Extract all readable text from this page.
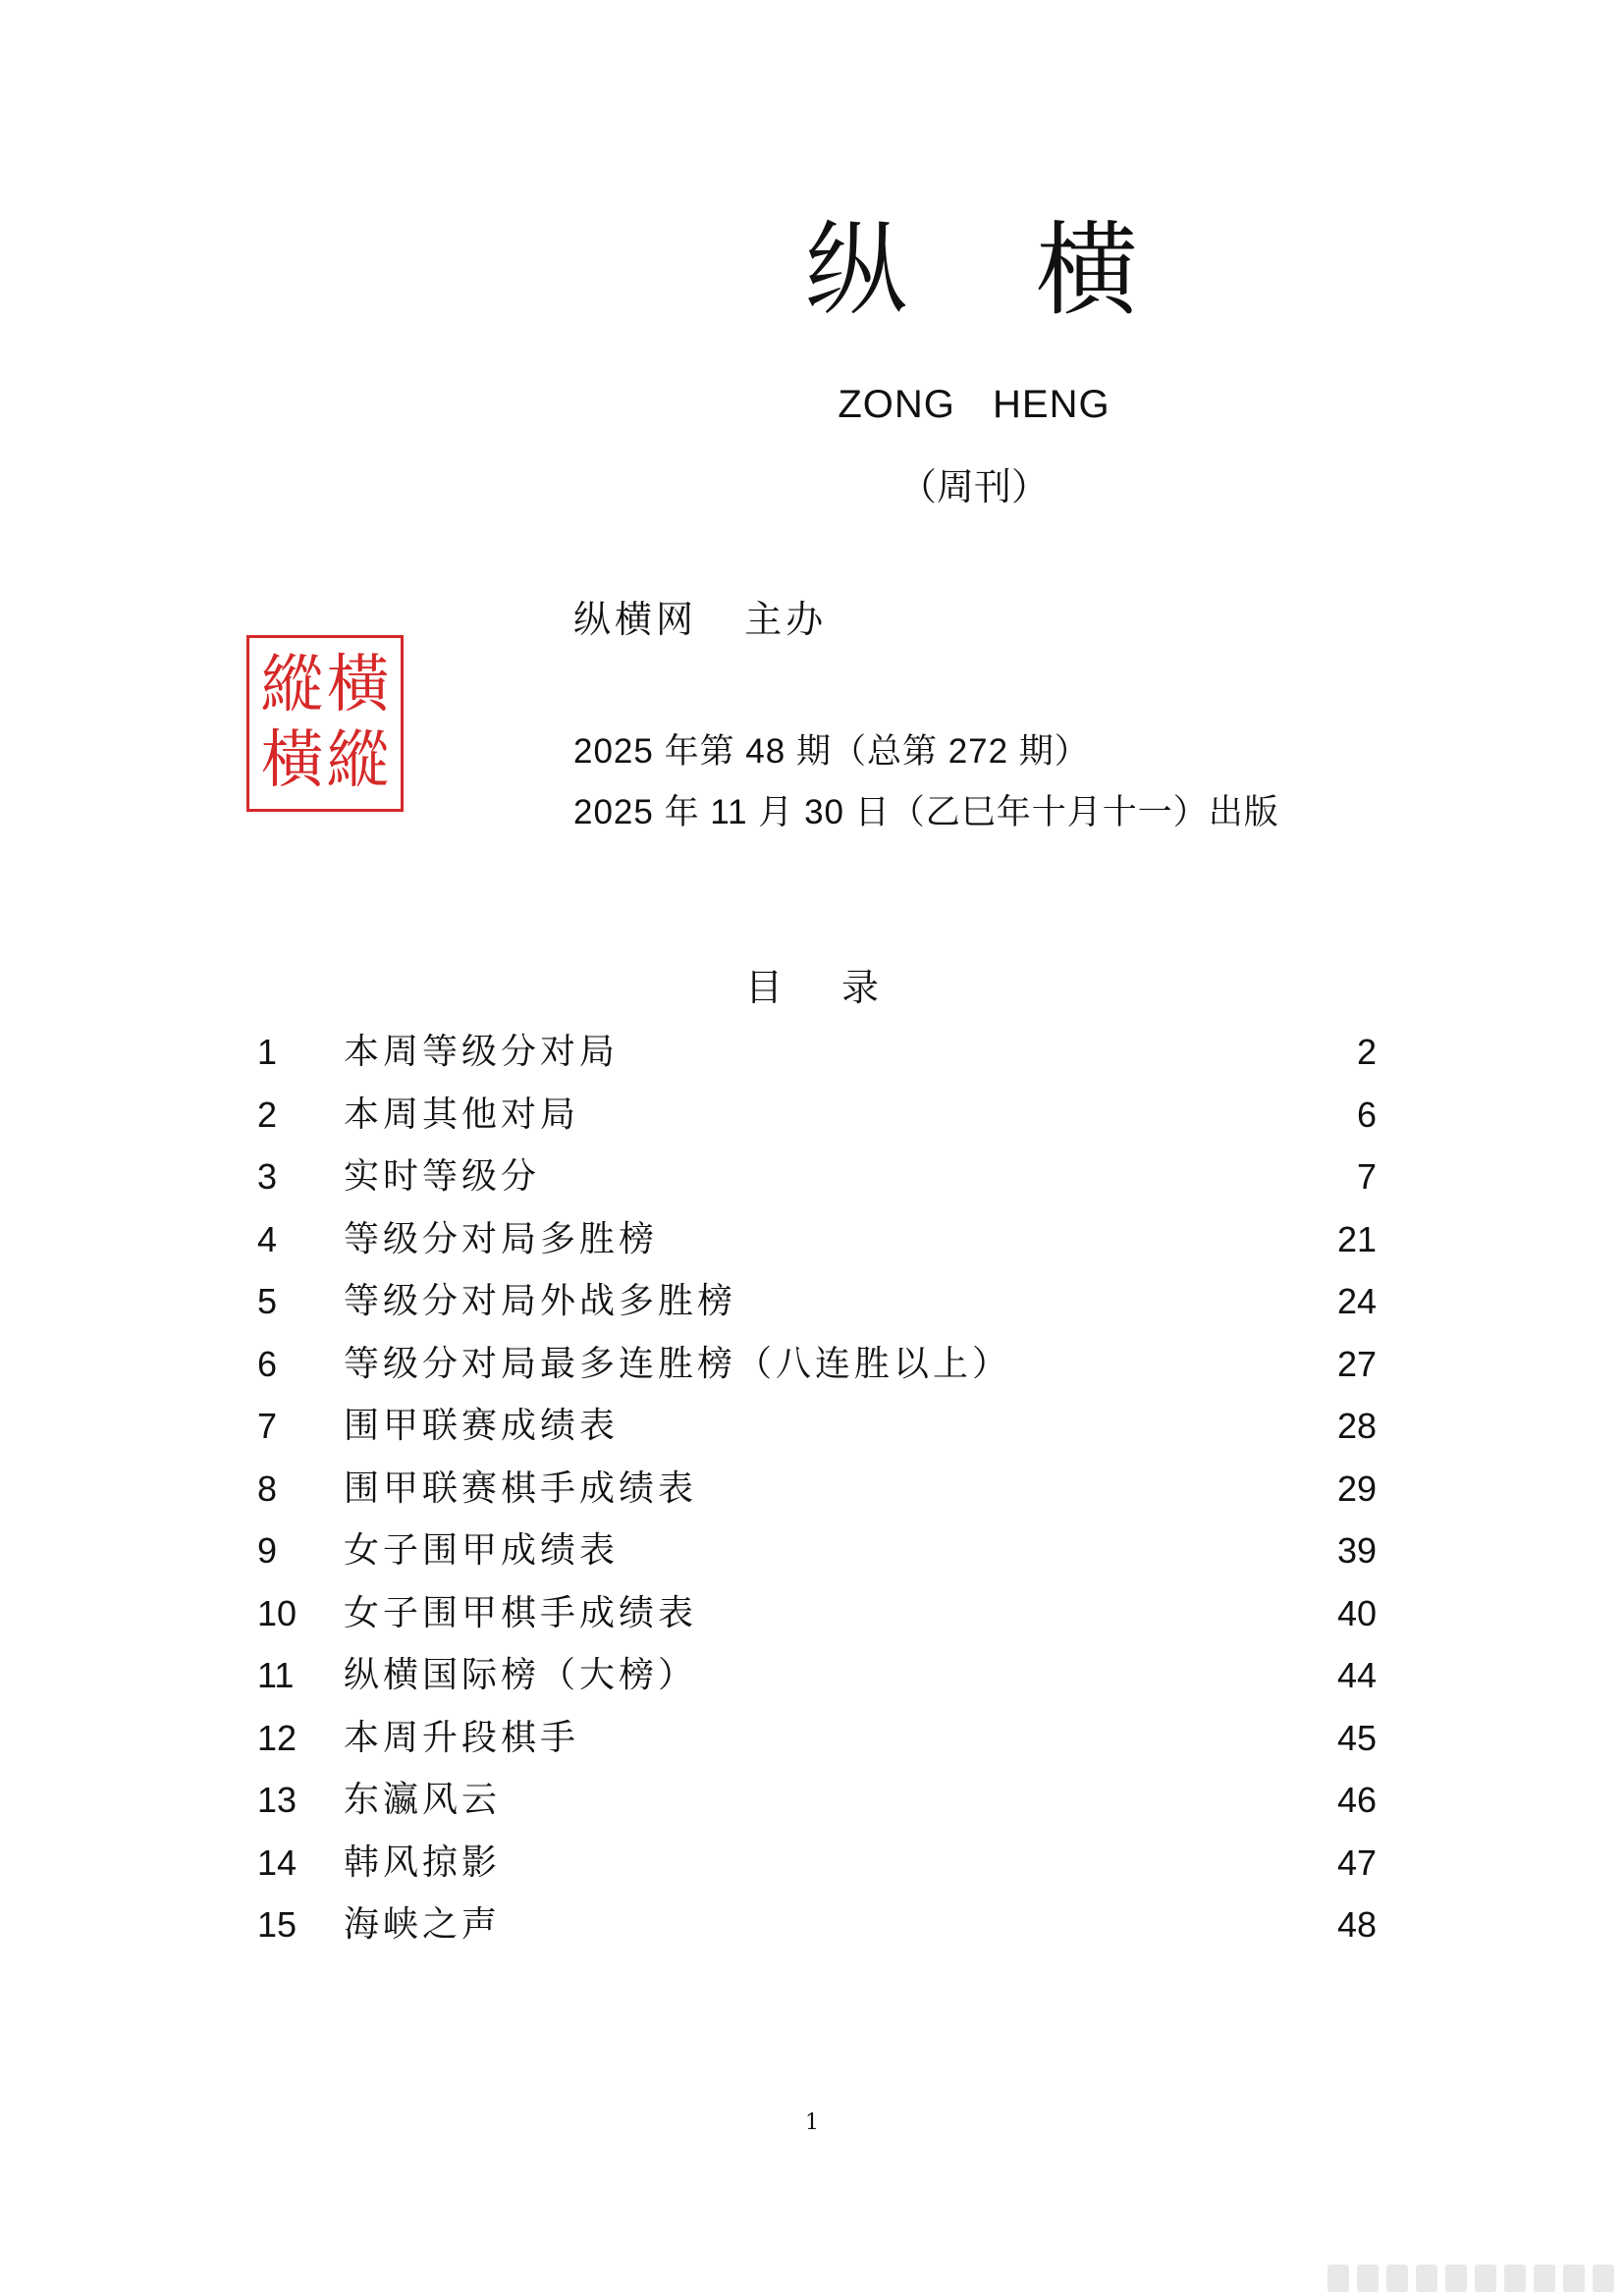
纵 横
ZONG HENG
（周刊）
縱 橫
橫 縱
纵横网   主办
2025 年第 48 期（总第 272 期）
2025 年 11 月 30 日（乙巳年十月十一）出版
目录
1 本周等级分对局	2
2 本周其他对局	6
3 实时等级分	7
4 等级分对局多胜榜	21
5 等级分对局外战多胜榜	24
6 等级分对局最多连胜榜（八连胜以上）	27
7 围甲联赛成绩表	28
8 围甲联赛棋手成绩表	29
9 女子围甲成绩表	39
10 女子围甲棋手成绩表	40
11 纵横国际榜（大榜）	44
12 本周升段棋手	45
13 东瀛风云	46
14 韩风掠影	47
15 海峡之声	48
1
